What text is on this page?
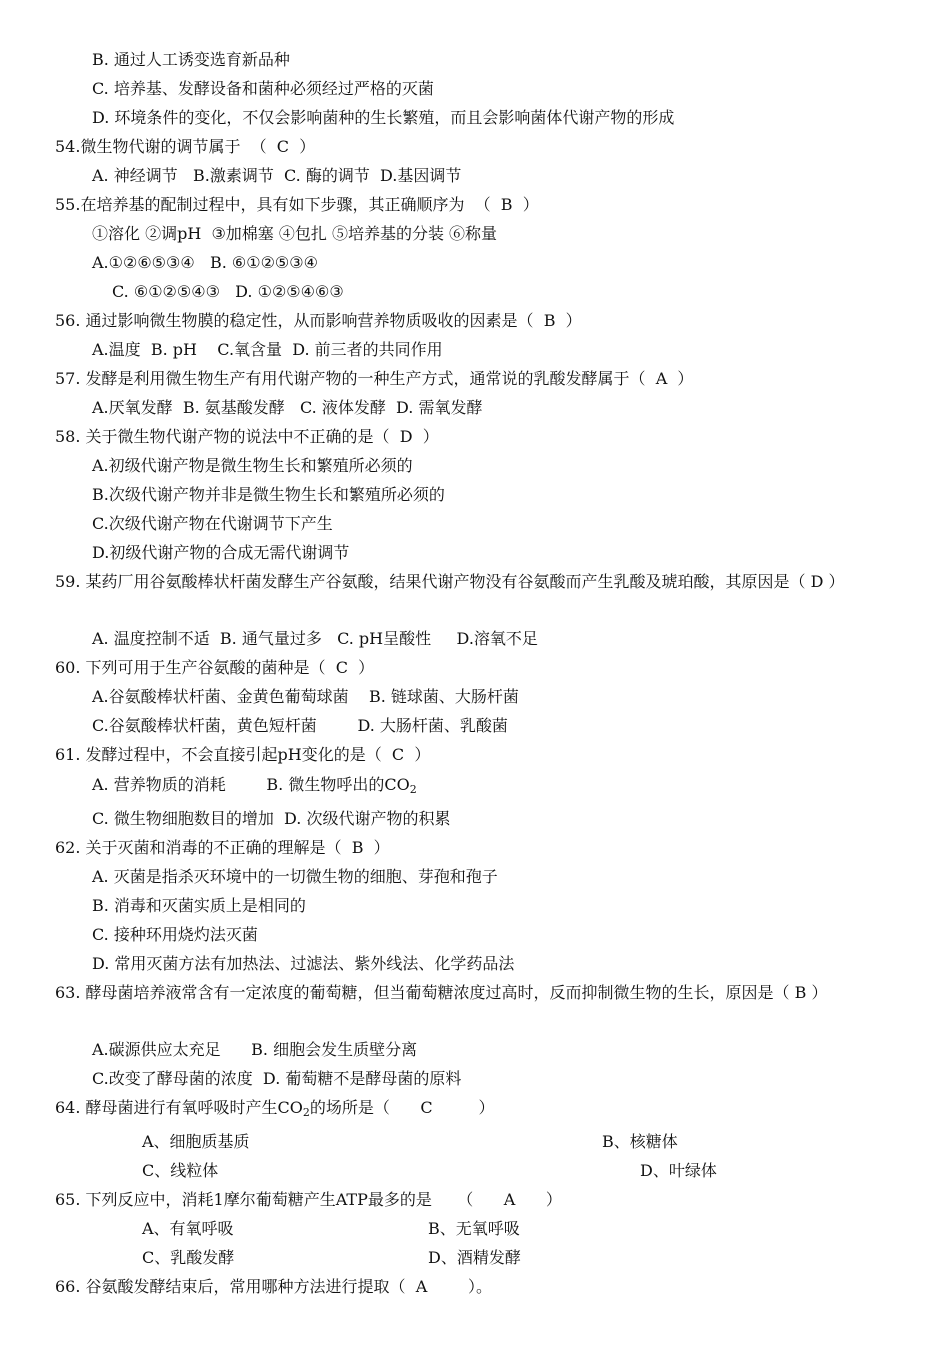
B. 通过人工诱变选育新品种
C. 培养基、发酵设备和菌种必须经过严格的灭菌
D. 环境条件的变化，不仅会影响菌种的生长繁殖，而且会影响菌体代谢产物的形成
54.微生物代谢的调节属于  （  C  ）
A. 神经调节   B.激素调节  C. 酶的调节  D.基因调节
55.在培养基的配制过程中，具有如下步骤，其正确顺序为  （  B  ）
①溶化 ②调pH  ③加棉塞 ④包扎 ⑤培养基的分装 ⑥称量
A.①②⑥⑤③④   B. ⑥①②⑤③④
C. ⑥①②⑤④③   D. ①②⑤④⑥③
56. 通过影响微生物膜的稳定性，从而影响营养物质吸收的因素是（  B  ）
A.温度  B. pH    C.氧含量  D. 前三者的共同作用
57. 发酵是利用微生物生产有用代谢产物的一种生产方式，通常说的乳酸发酵属于（  A  ）
A.厌氧发酵  B. 氨基酸发酵   C. 液体发酵  D. 需氧发酵
58. 关于微生物代谢产物的说法中不正确的是（  D  ）
A.初级代谢产物是微生物生长和繁殖所必须的
B.次级代谢产物并非是微生物生长和繁殖所必须的
C.次级代谢产物在代谢调节下产生
D.初级代谢产物的合成无需代谢调节
59. 某药厂用谷氨酸棒状杆菌发酵生产谷氨酸，结果代谢产物没有谷氨酸而产生乳酸及琥珀酸，其原因是（ D ）
A. 温度控制不适  B. 通气量过多   C. pH呈酸性     D.溶氧不足
60. 下列可用于生产谷氨酸的菌种是（  C  ）
A.谷氨酸棒状杆菌、金黄色葡萄球菌    B. 链球菌、大肠杆菌
C.谷氨酸棒状杆菌，黄色短杆菌        D. 大肠杆菌、乳酸菌
61. 发酵过程中，不会直接引起pH变化的是（  C  ）
A. 营养物质的消耗        B. 微生物呼出的$CO_2$
C. 微生物细胞数目的增加  D. 次级代谢产物的积累
62. 关于灭菌和消毒的不正确的理解是（  B  ）
A. 灭菌是指杀灭环境中的一切微生物的细胞、芽孢和孢子
B. 消毒和灭菌实质上是相同的
C. 接种环用烧灼法灭菌
D. 常用灭菌方法有加热法、过滤法、紫外线法、化学药品法
63. 酵母菌培养液常含有一定浓度的葡萄糖，但当葡萄糖浓度过高时，反而抑制微生物的生长，原因是（ B ）
A.碳源供应太充足      B. 细胞会发生质壁分离
C.改变了酵母菌的浓度  D. 葡萄糖不是酵母菌的原料
64. 酵母菌进行有氧呼吸时产生$CO_2$的场所是（      C         ）
A、细胞质基质	B、核糖体
C、线粒体	D、叶绿体
65. 下列反应中，消耗1摩尔葡萄糖产生ATP最多的是     （      A      ）
A、有氧呼吸	B、无氧呼吸
C、乳酸发酵	D、酒精发酵
66. 谷氨酸发酵结束后，常用哪种方法进行提取（  A        ）。
